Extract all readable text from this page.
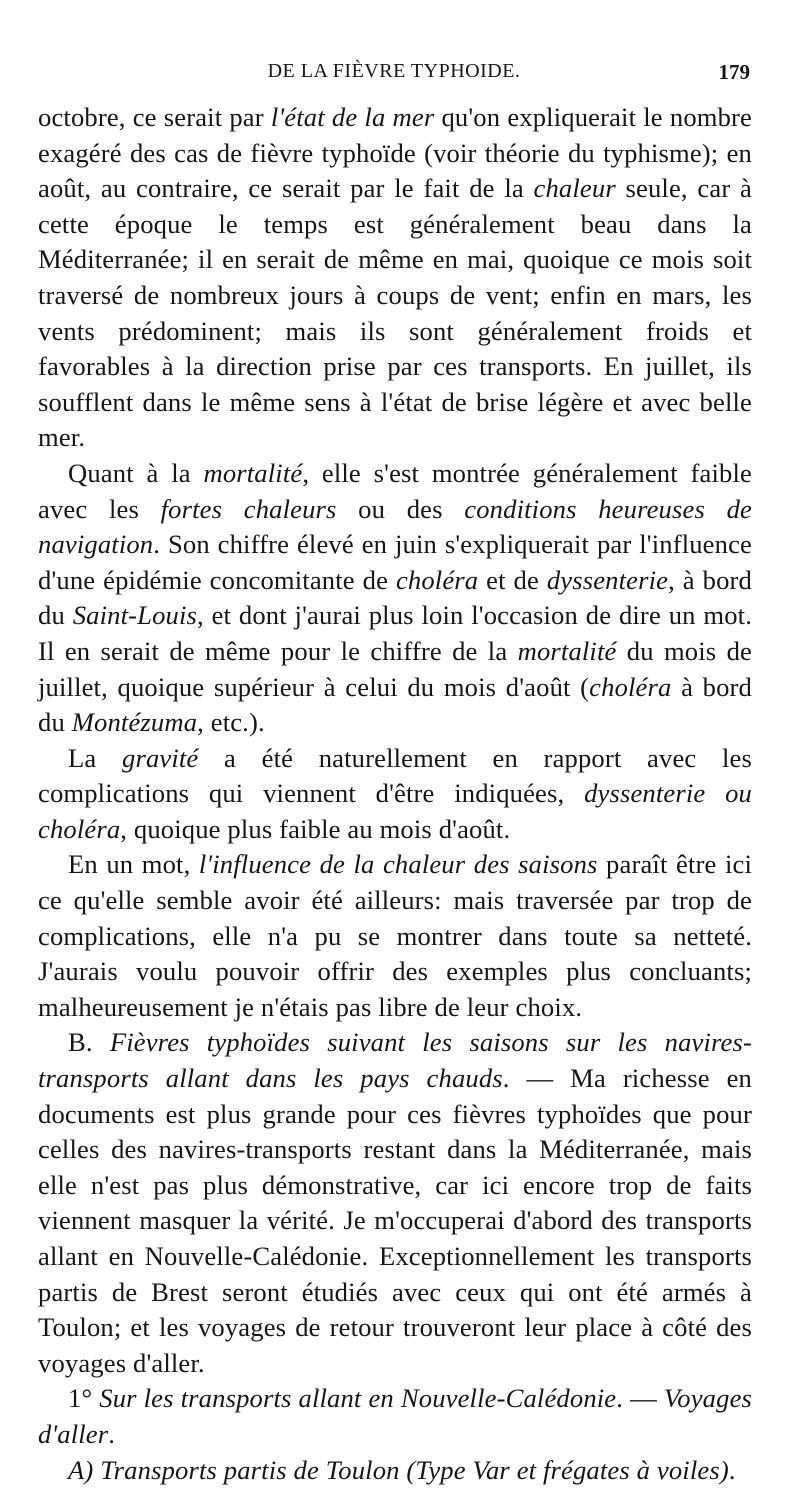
DE LA FIÈVRE TYPHOIDE.	179

octobre, ce serait par l'état de la mer qu'on expliquerait le nombre exagéré des cas de fièvre typhoïde (voir théorie du typhisme); en août, au contraire, ce serait par le fait de la chaleur seule, car à cette époque le temps est généralement beau dans la Méditerranée; il en serait de même en mai, quoique ce mois soit traversé de nombreux jours à coups de vent; enfin en mars, les vents prédominent; mais ils sont généralement froids et favorables à la direction prise par ces transports. En juillet, ils soufflent dans le même sens à l'état de brise légère et avec belle mer.

Quant à la mortalité, elle s'est montrée généralement faible avec les fortes chaleurs ou des conditions heureuses de navigation. Son chiffre élevé en juin s'expliquerait par l'influence d'une épidémie concomitante de choléra et de dyssenterie, à bord du Saint-Louis, et dont j'aurai plus loin l'occasion de dire un mot. Il en serait de même pour le chiffre de la mortalité du mois de juillet, quoique supérieur à celui du mois d'août (choléra à bord du Montézuma, etc.).

La gravité a été naturellement en rapport avec les complications qui viennent d'être indiquées, dyssenterie ou choléra, quoique plus faible au mois d'août.

En un mot, l'influence de la chaleur des saisons paraît être ici ce qu'elle semble avoir été ailleurs: mais traversée par trop de complications, elle n'a pu se montrer dans toute sa netteté. J'aurais voulu pouvoir offrir des exemples plus concluants; malheureusement je n'étais pas libre de leur choix.

B. Fièvres typhoïdes suivant les saisons sur les navires-transports allant dans les pays chauds. — Ma richesse en documents est plus grande pour ces fièvres typhoïdes que pour celles des navires-transports restant dans la Méditerranée, mais elle n'est pas plus démonstrative, car ici encore trop de faits viennent masquer la vérité. Je m'occuperai d'abord des transports allant en Nouvelle-Calédonie. Exceptionnellement les transports partis de Brest seront étudiés avec ceux qui ont été armés à Toulon; et les voyages de retour trouveront leur place à côté des voyages d'aller.

1° Sur les transports allant en Nouvelle-Calédonie. — Voyages d'aller.

A) Transports partis de Toulon (Type Var et frégates à voiles).
